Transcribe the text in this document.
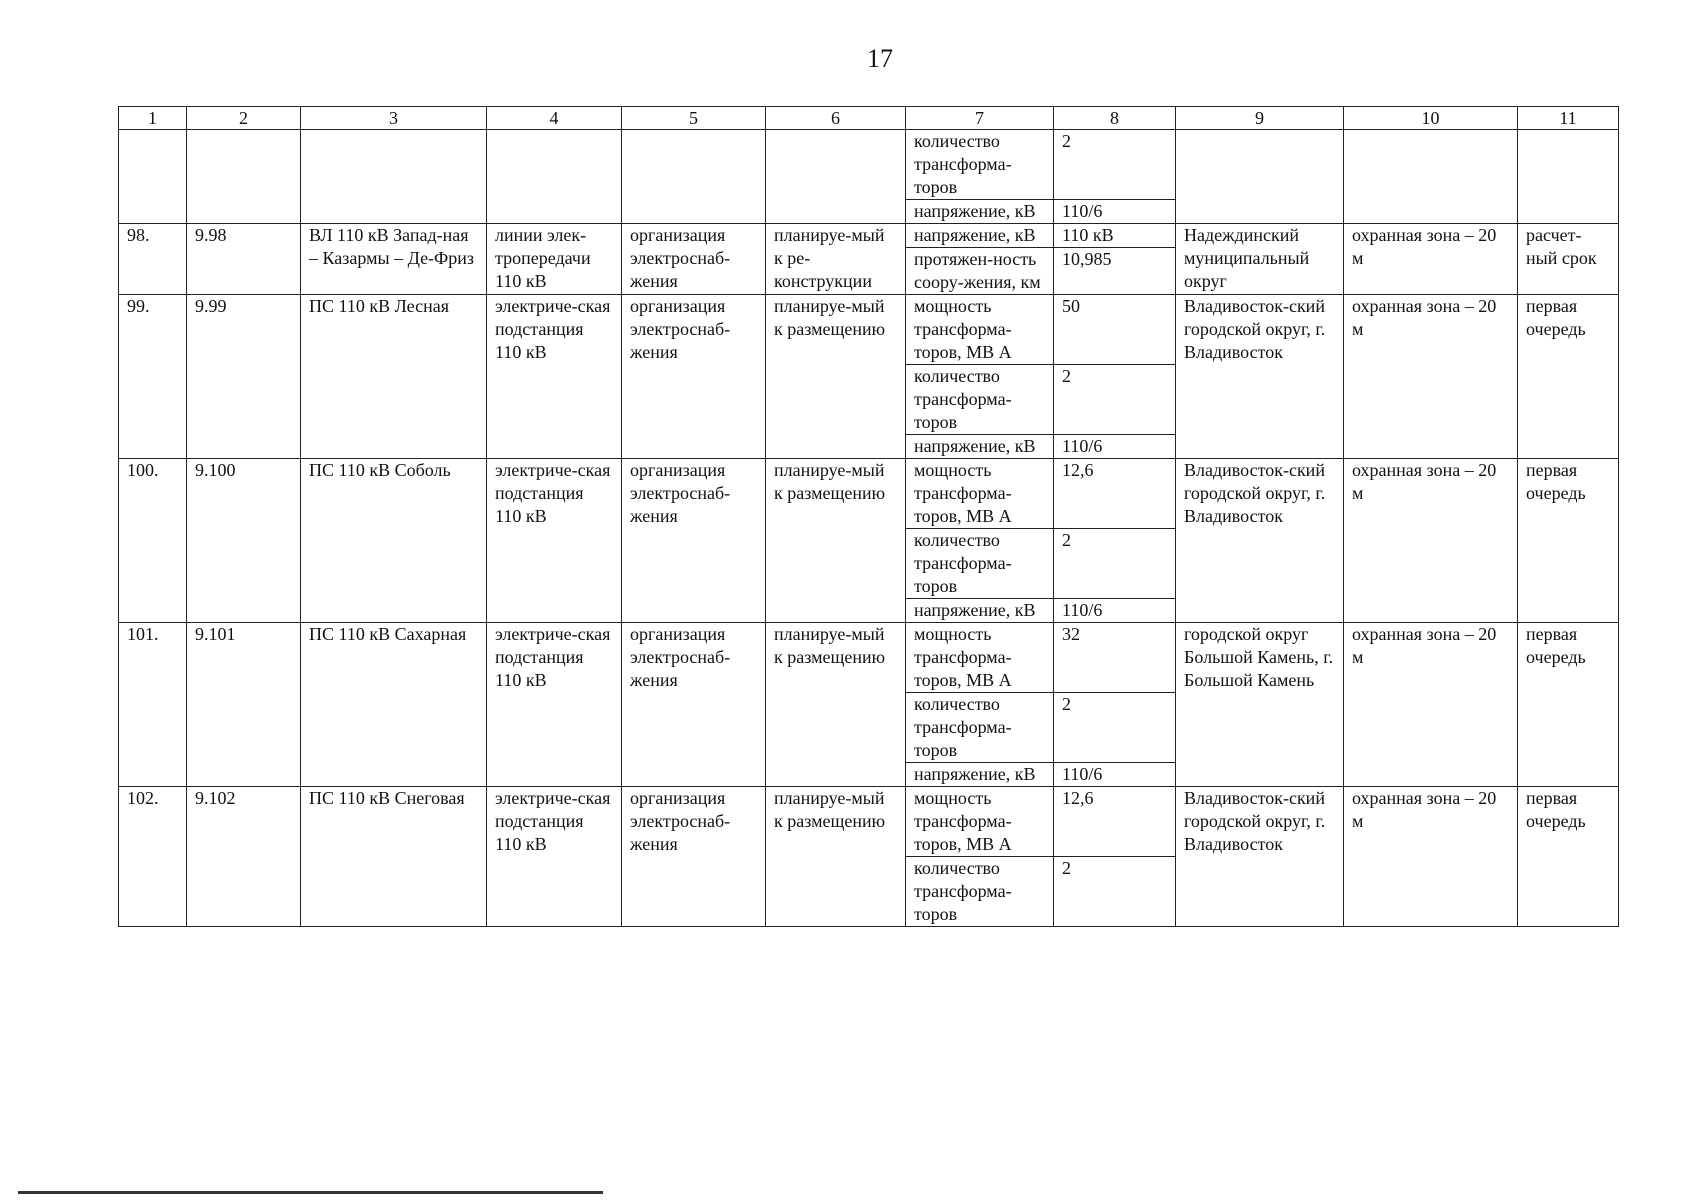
17
1	2	3	4	5	6	7	8	9	10	11
						количество трансформа-торов	2			
						напряжение, кВ	110/6			
98.	9.98	ВЛ 110 кВ Запад-ная – Казармы – Де-Фриз	линии элек-тропередачи 110 кВ	организация электроснаб-жения	планируе-мый к ре-конструкции	напряжение, кВ	110 кВ	Надеждинский муниципальный округ	охранная зона – 20 м	расчет-ный срок
						протяжен-ность соору-жения, км	10,985			
99.	9.99	ПС 110 кВ Лесная	электриче-ская подстанция 110 кВ	организация электроснаб-жения	планируе-мый к размещению	мощность трансформа-торов, МВ А	50	Владивосток-ский городской округ, г. Владивосток	охранная зона – 20 м	первая очередь
						количество трансформа-торов	2			
						напряжение, кВ	110/6			
100.	9.100	ПС 110 кВ Соболь	электриче-ская подстанция 110 кВ	организация электроснаб-жения	планируе-мый к размещению	мощность трансформа-торов, МВ А	12,6	Владивосток-ский городской округ, г. Владивосток	охранная зона – 20 м	первая очередь
						количество трансформа-торов	2			
						напряжение, кВ	110/6			
101.	9.101	ПС 110 кВ Сахарная	электриче-ская подстанция 110 кВ	организация электроснаб-жения	планируе-мый к размещению	мощность трансформа-торов, МВ А	32	городской округ Большой Камень, г. Большой Камень	охранная зона – 20 м	первая очередь
						количество трансформа-торов	2			
						напряжение, кВ	110/6			
102.	9.102	ПС 110 кВ Снеговая	электриче-ская подстанция 110 кВ	организация электроснаб-жения	планируе-мый к размещению	мощность трансформа-торов, МВ А	12,6	Владивосток-ский городской округ, г. Владивосток	охранная зона – 20 м	первая очередь
						количество трансформа-торов	2			
